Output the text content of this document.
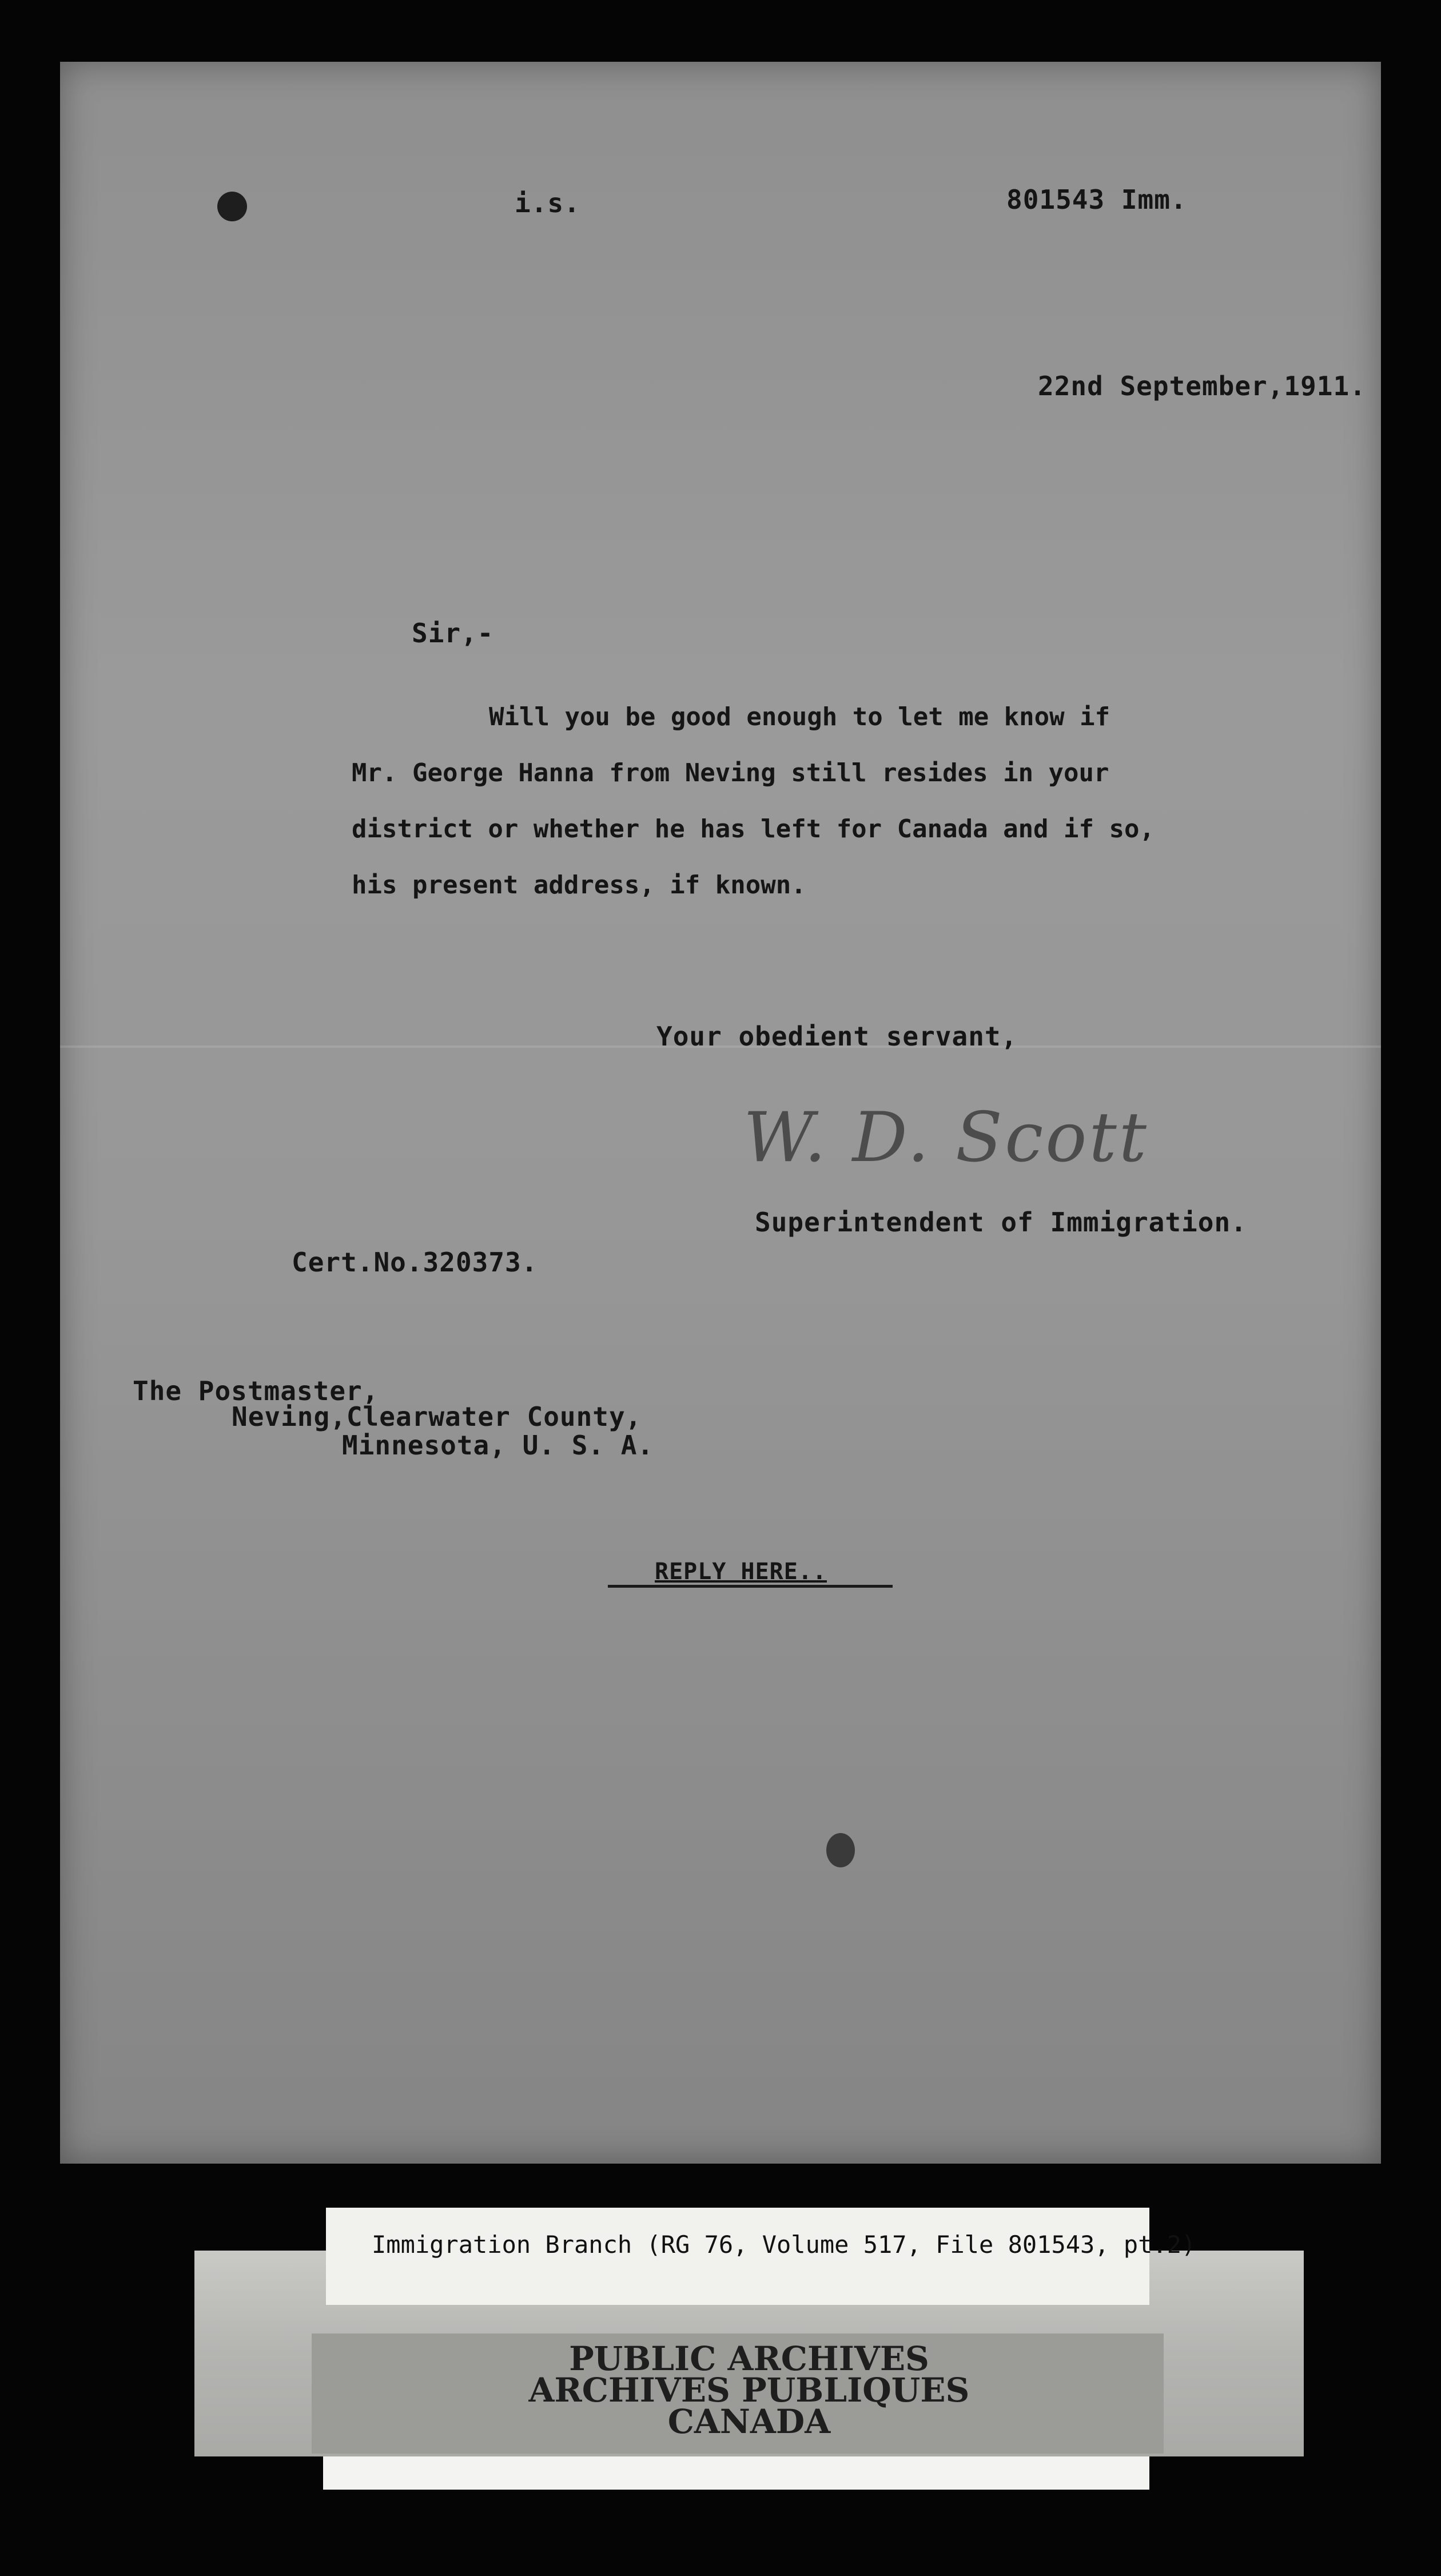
i.s.	801543 Imm.
22nd September,1911.
Sir,-
Will you be good enough to let me know if
Mr. George Hanna from Neving still resides in your
district or whether he has left for Canada and if so,
his present address, if known.
Your obedient servant,
W. D. Scott
Superintendent of Immigration.
Cert.No.320373.
The Postmaster,
Neving,Clearwater County,
Minnesota, U. S. A.
REPLY HERE..
Immigration Branch (RG 76, Volume 517, File 801543, pt.2)
PUBLIC ARCHIVES
ARCHIVES PUBLIQUES
CANADA
